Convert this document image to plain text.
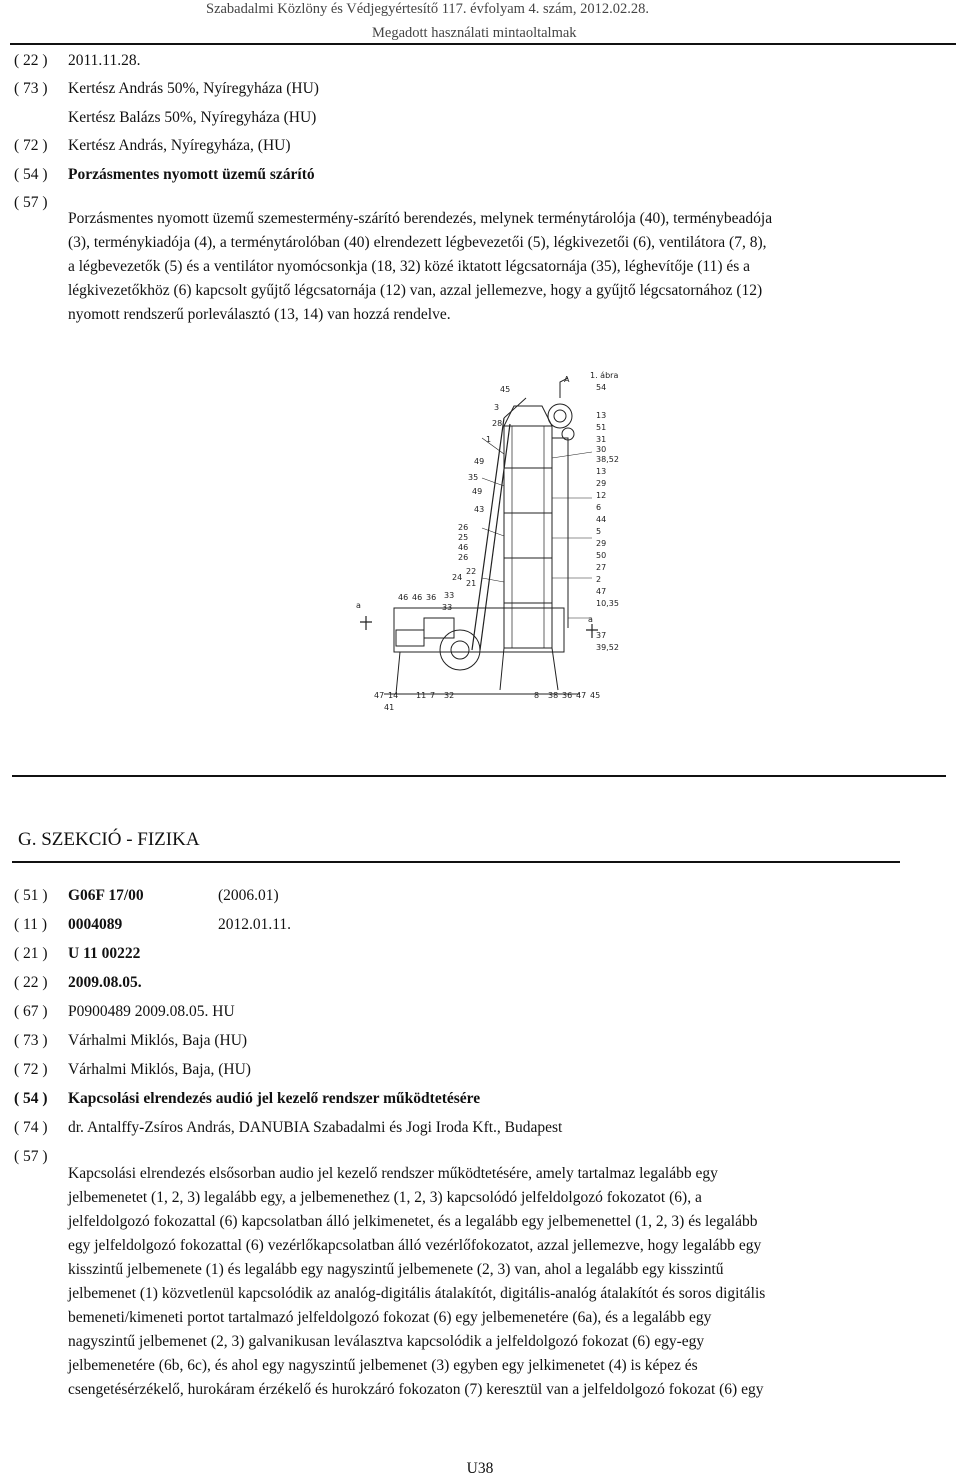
Szabadalmi Közlöny és Védjegyértesítő 117. évfolyam 4. szám, 2012.02.28.
Megadott használati mintaoltalmak
( 22 ) 2011.11.28.
( 73 ) Kertész András 50%, Nyíregyháza (HU)
Kertész Balázs 50%, Nyíregyháza (HU)
( 72 ) Kertész András, Nyíregyháza, (HU)
( 54 ) Porzásmentes nyomott üzemű szárító
( 57 )
Porzásmentes nyomott üzemű szemestermény-szárító berendezés, melynek terménytárolója (40), terménybeadója
(3), terménykiadója (4), a terménytárolóban (40) elrendezett légbevezetői (5), légkivezetői (6), ventilátora (7, 8),
a légbevezetők (5) és a ventilátor nyomócsonkja (18, 32) közé iktatott légcsatornája (35), léghevítője (11) és a
légkivezetőkhöz (6) kapcsolt gyűjtő légcsatornája (12) van, azzal jellemezve, hogy a gyűjtő légcsatornához (12)
nyomott rendszerű porleválasztó (13, 14) van hozzá rendelve.
1. ábra
45
3
28
1
A
54
13
51
31
30
38,52
13
29
12
6
44
5
29
50
27
2
47
10,35
a
37
39,52
49
35
49
43
26
25
46
26
24
22
21
33
a
46 46 36
33
47 14 11 7 32	8 38 36 47 45
41
G. SZEKCIÓ - FIZIKA
( 51 ) G06F 17/00	(2006.01)
( 11 ) 0004089	2012.01.11.
( 21 ) U 11 00222
( 22 ) 2009.08.05.
( 67 ) P0900489 2009.08.05. HU
( 73 ) Várhalmi Miklós, Baja (HU)
( 72 ) Várhalmi Miklós, Baja, (HU)
( 54 ) Kapcsolási elrendezés audió jel kezelő rendszer működtetésére
( 74 ) dr. Antalffy-Zsíros András, DANUBIA Szabadalmi és Jogi Iroda Kft., Budapest
( 57 )
Kapcsolási elrendezés elsősorban audio jel kezelő rendszer működtetésére, amely tartalmaz legalább egy
jelbemenetet (1, 2, 3) legalább egy, a jelbemenethez (1, 2, 3) kapcsolódó jelfeldolgozó fokozatot (6), a
jelfeldolgozó fokozattal (6) kapcsolatban álló jelkimenetet, és a legalább egy jelbemenettel (1, 2, 3) és legalább
egy jelfeldolgozó fokozattal (6) vezérlőkapcsolatban álló vezérlőfokozatot, azzal jellemezve, hogy legalább egy
kisszintű jelbemenete (1) és legalább egy nagyszintű jelbemenete (2, 3) van, ahol a legalább egy kisszintű
jelbemenet (1) közvetlenül kapcsolódik az analóg-digitális átalakítót, digitális-analóg átalakítót és soros digitális
bemeneti/kimeneti portot tartalmazó jelfeldolgozó fokozat (6) egy jelbemenetére (6a), és a legalább egy
nagyszintű jelbemenet (2, 3) galvanikusan leválasztva kapcsolódik a jelfeldolgozó fokozat (6) egy-egy
jelbemenetére (6b, 6c), és ahol egy nagyszintű jelbemenet (3) egyben egy jelkimenetet (4) is képez és
csengetésérzékelő, hurokáram érzékelő és hurokzáró fokozaton (7) keresztül van a jelfeldolgozó fokozat (6) egy
U38
